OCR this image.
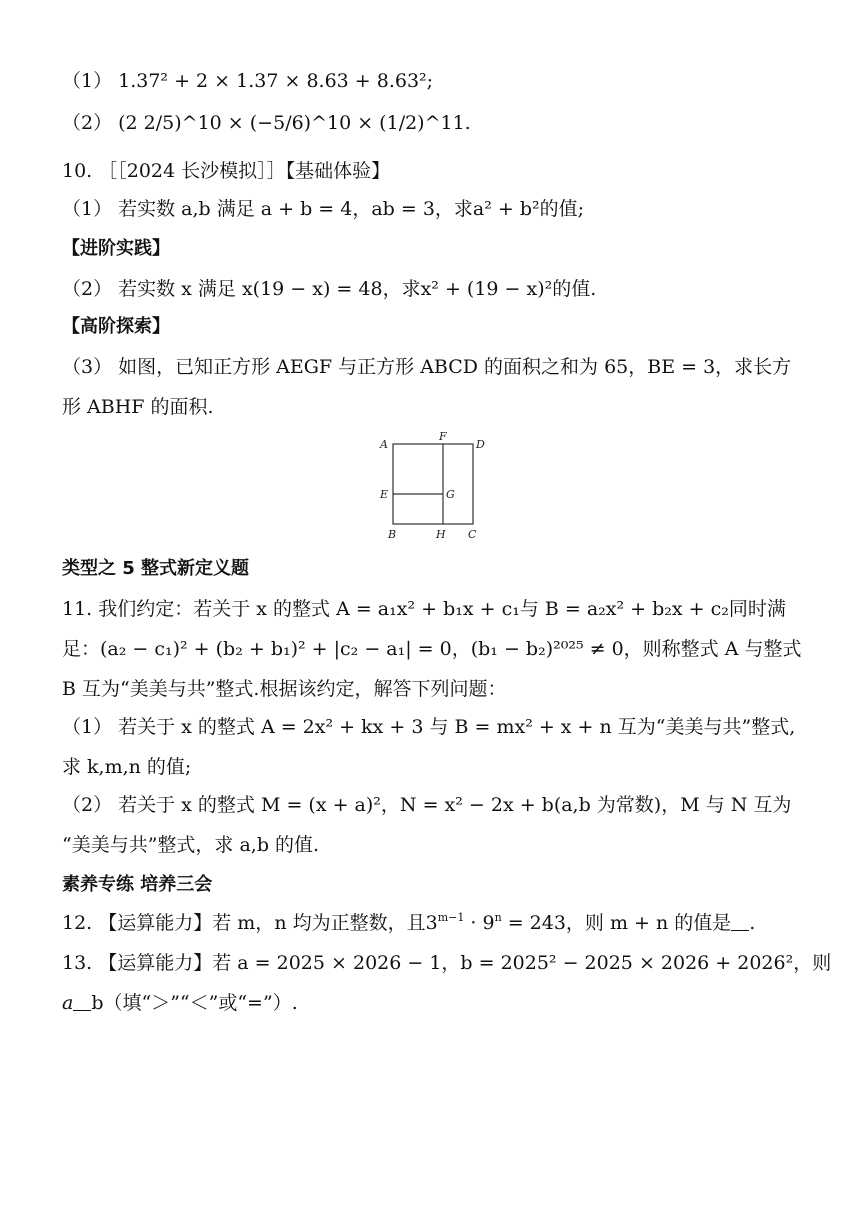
（1） 1.37² + 2 × 1.37 × 8.63 + 8.63²;
（2） (2 2/5)^10 × (−5/6)^10 × (1/2)^11.
10. ［［2024 长沙模拟］］【基础体验】
（1） 若实数 a,b 满足 a + b = 4，ab = 3，求a² + b²的值;
【进阶实践】
（2） 若实数 x 满足 x(19 − x) = 48，求x² + (19 − x)²的值.
【高阶探索】
（3） 如图，已知正方形 AEGF 与正方形 ABCD 的面积之和为 65，BE = 3，求长方
形 ABHF 的面积.
A
F
D
E	G
B	H C
类型之 5 整式新定义题
11. 我们约定：若关于 x 的整式 A = a₁x² + b₁x + c₁与 B = a₂x² + b₂x + c₂同时满
足：(a₂ − c₁)² + (b₂ + b₁)² + |c₂ − a₁| = 0，(b₁ − b₂)²⁰²⁵ ≠ 0，则称整式 A 与整式
B 互为“美美与共”整式.根据该约定，解答下列问题：
（1） 若关于 x 的整式 A = 2x² + kx + 3 与 B = mx² + x + n 互为“美美与共”整式,
求 k,m,n 的值;
（2） 若关于 x 的整式 M = (x + a)²，N = x² − 2x + b(a,b 为常数)，M 与 N 互为
“美美与共”整式，求 a,b 的值.
素养专练 培养三会
12. 【运算能力】若 m，n 均为正整数，且$3^{m-1} \cdot 9^n = 243$，则 m + n 的值是 .
13. 【运算能力】若 a = 2025 × 2026 − 1，b = 2025² − 2025 × 2026 + 2026²，则
a b（填“＞”“＜”或“=”）.
